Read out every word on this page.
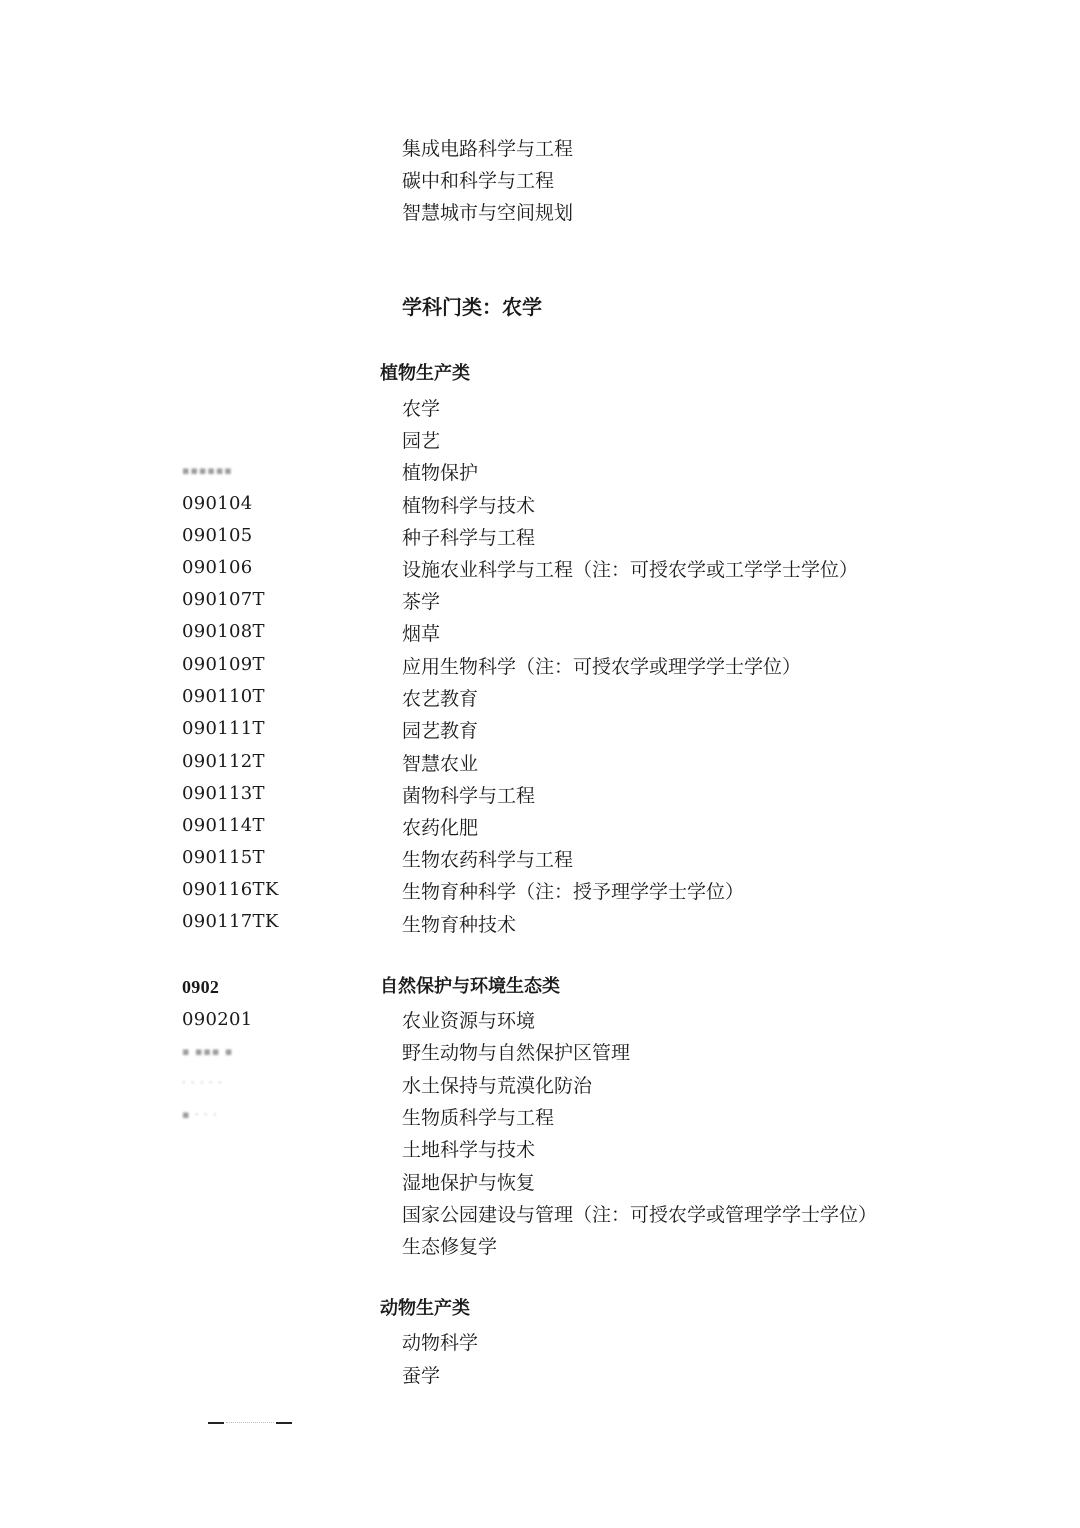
集成电路科学与工程
碳中和科学与工程
智慧城市与空间规划
学科门类：农学
植物生产类
农学
园艺
▪▪▪▪▪▪	植物保护
090104	植物科学与技术
090105	种子科学与工程
090106	设施农业科学与工程（注：可授农学或工学学士学位）
090107T	茶学
090108T	烟草
090109T	应用生物科学（注：可授农学或理学学士学位）
090110T	农艺教育
090111T	园艺教育
090112T	智慧农业
090113T	菌物科学与工程
090114T	农药化肥
090115T	生物农药科学与工程
090116TK	生物育种科学（注：授予理学学士学位）
090117TK	生物育种技术
0902	自然保护与环境生态类
090201	农业资源与环境
▪ ▪▪▪ ▪	野生动物与自然保护区管理
· · · · ·	水土保持与荒漠化防治
▪ · · ·	生物质科学与工程
土地科学与技术
湿地保护与恢复
国家公园建设与管理（注：可授农学或管理学学士学位）
生态修复学
动物生产类
动物科学
蚕学
